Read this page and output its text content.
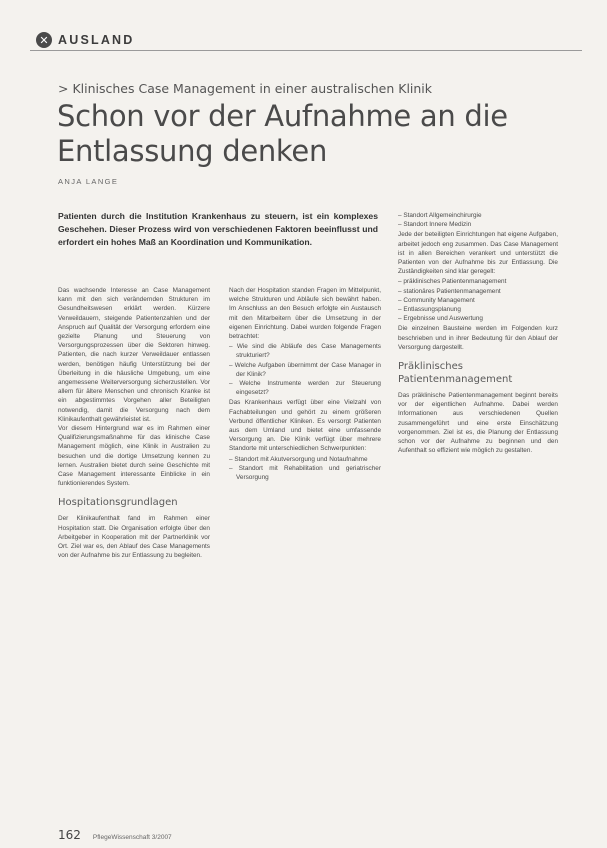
✕ AUSLAND
> Klinisches Case Management in einer australischen Klinik
Schon vor der Aufnahme an die Entlassung denken
ANJA LANGE
Patienten durch die Institution Krankenhaus zu steuern, ist ein komplexes Geschehen. Dieser Prozess wird von verschiedenen Faktoren beeinflusst und erfordert ein hohes Maß an Koordination und Kommunikation.

Das wachsende Interesse an Case Management kann mit den sich verändernden Strukturen im Gesundheitswesen erklärt werden. Kürzere Verweildauern, steigende Patientenzahlen und der Anspruch auf Qualität der Versorgung erfordern eine gezielte Planung und Steuerung von Versorgungsprozessen über die Sektoren hinweg. Patienten, die nach kurzer Verweildauer entlassen werden, benötigen häufig Unterstützung bei der Überleitung in die häusliche Umgebung, um eine angemessene Weiterversorgung sicherzustellen. Vor allem für ältere Menschen und chronisch Kranke ist ein abgestimmtes Vorgehen aller Beteiligten notwendig, damit die Versorgung nach dem Klinikaufenthalt gewährleistet ist.

Vor diesem Hintergrund war es im Rahmen einer Qualifizierungsmaßnahme für das klinische Case Management möglich, eine Klinik in Australien zu besuchen und die dortige Umsetzung kennen zu lernen. Australien bietet durch seine Geschichte mit Case Management interessante Einblicke in ein funktionierendes System.

Hospitationsgrundlagen

Der Klinikaufenthalt fand im Rahmen einer Hospitation statt. Die Organisation erfolgte über den Arbeitgeber in Kooperation mit der Partnerklinik vor Ort. Ziel war es, den Ablauf des Case Managements von der Aufnahme bis zur Entlassung zu begleiten.

Nach der Hospitation standen Fragen im Mittelpunkt, welche Strukturen und Abläufe sich bewährt haben. Im Anschluss an den Besuch erfolgte ein Austausch mit den Mitarbeitern über die Umsetzung in der eigenen Einrichtung. Dabei wurden folgende Fragen betrachtet:

– Wie sind die Abläufe des Case Managements strukturiert?
– Welche Aufgaben übernimmt der Case Manager in der Klinik?
– Welche Instrumente werden zur Steuerung eingesetzt?

Das Krankenhaus verfügt über eine Vielzahl von Fachabteilungen und gehört zu einem größeren Verbund öffentlicher Kliniken. Es versorgt Patienten aus dem Umland und bietet eine umfassende Versorgung an. Die Klinik verfügt über mehrere Standorte mit unterschiedlichen Schwerpunkten:

– Standort mit Akutversorgung und Notaufnahme
– Standort mit Rehabilitation und geriatrischer Versorgung
– Standort Allgemeinchirurgie
– Standort Innere Medizin

Jede der beteiligten Einrichtungen hat eigene Aufgaben, arbeitet jedoch eng zusammen. Das Case Management ist in allen Bereichen verankert und unterstützt die Patienten von der Aufnahme bis zur Entlassung. Die Zuständigkeiten sind klar geregelt:

– präklinisches Patientenmanagement
– stationäres Patientenmanagement
– Community Management
– Entlassungsplanung
– Ergebnisse und Auswertung

Die einzelnen Bausteine werden im Folgenden kurz beschrieben und in ihrer Bedeutung für den Ablauf der Versorgung dargestellt.

Präklinisches Patientenmanagement

Das präklinische Patientenmanagement beginnt bereits vor der eigentlichen Aufnahme. Dabei werden Informationen aus verschiedenen Quellen zusammengeführt und eine erste Einschätzung vorgenommen. Ziel ist es, die Planung der Entlassung schon vor der Aufnahme zu beginnen und den Aufenthalt so effizient wie möglich zu gestalten.

162 PflegeWissenschaft 3/2007
